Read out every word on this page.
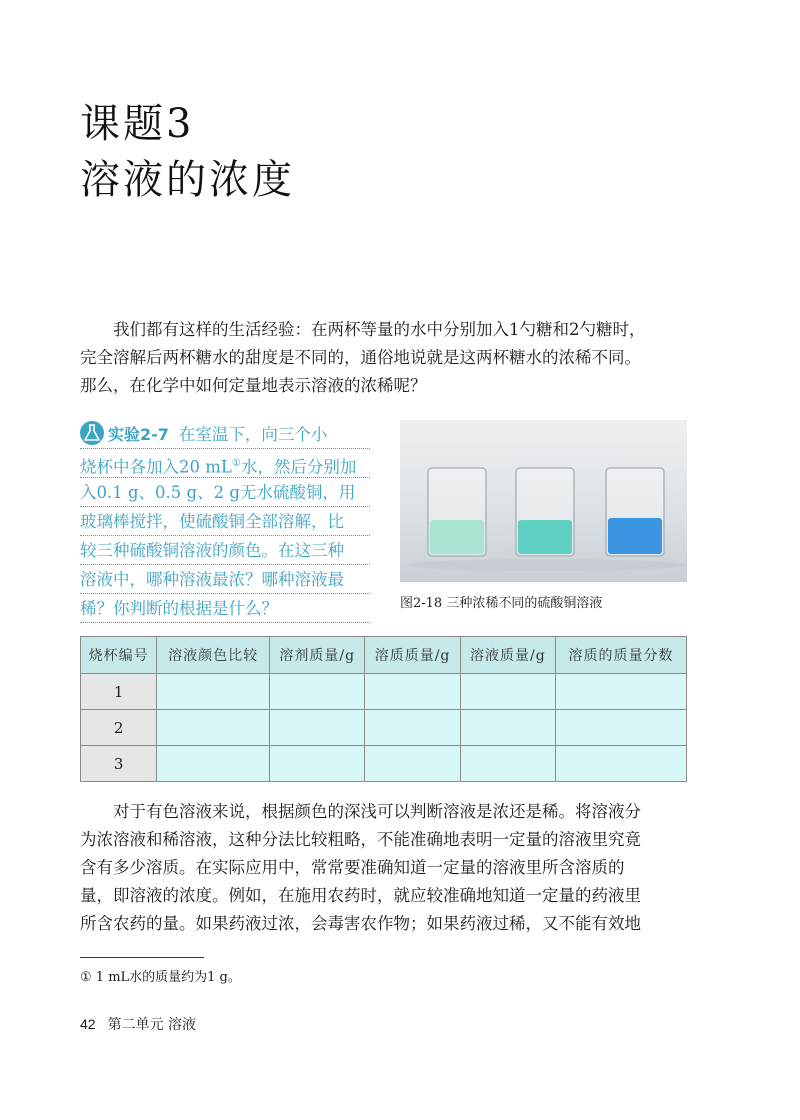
课题3
溶液的浓度

我们都有这样的生活经验：在两杯等量的水中分别加入1勺糖和2勺糖时，

完全溶解后两杯糖水的甜度是不同的，通俗地说就是这两杯糖水的浓稀不同。

那么，在化学中如何定量地表示溶液的浓稀呢？

实验2-7 在室温下，向三个小
烧杯中各加入20 mL①水，然后分别加
入0.1 g、0.5 g、2 g无水硫酸铜，用
玻璃棒搅拌，使硫酸铜全部溶解，比
较三种硫酸铜溶液的颜色。在这三种
溶液中，哪种溶液最浓？哪种溶液最
稀？你判断的根据是什么？	图2-18 三种浓稀不同的硫酸铜溶液
烧杯编号	溶液颜色比较	溶剂质量/g	溶质质量/g	溶液质量/g	溶质的质量分数
1					
2					
3					

对于有色溶液来说，根据颜色的深浅可以判断溶液是浓还是稀。将溶液分

为浓溶液和稀溶液，这种分法比较粗略，不能准确地表明一定量的溶液里究竟

含有多少溶质。在实际应用中，常常要准确知道一定量的溶液里所含溶质的

量，即溶液的浓度。例如，在施用农药时，就应较准确地知道一定量的药液里

所含农药的量。如果药液过浓，会毒害农作物；如果药液过稀，又不能有效地

① 1 mL水的质量约为1 g。
42 第二单元 溶液
